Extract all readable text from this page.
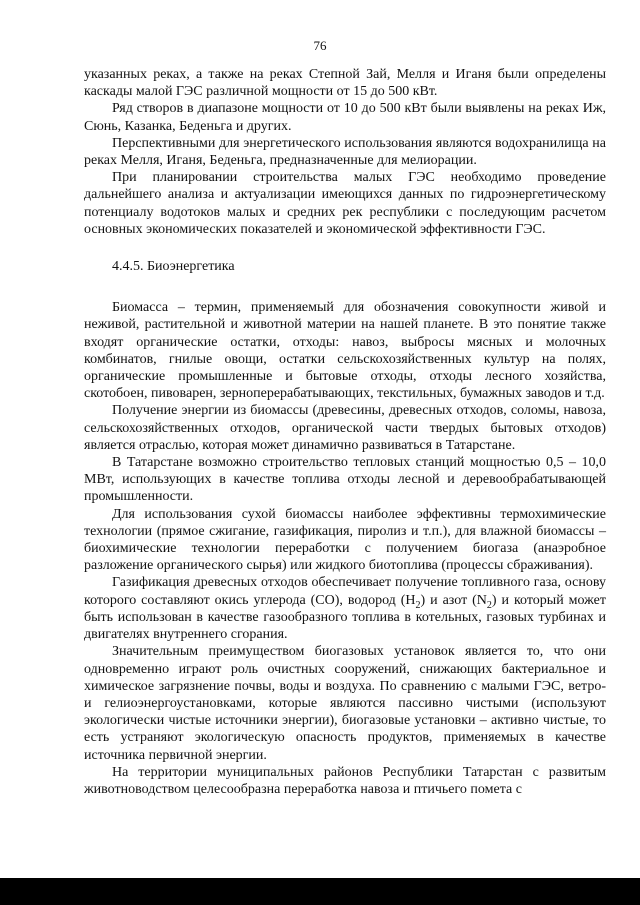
76

указанных реках, а также на реках Степной Зай, Мелля и Иганя были определены каскады малой ГЭС различной мощности от 15 до 500 кВт.

Ряд створов в диапазоне мощности от 10 до 500 кВт были выявлены на реках Иж, Сюнь, Казанка, Беденьга и других.

Перспективными для энергетического использования являются водохранилища на реках Мелля, Иганя, Беденьга, предназначенные для мелиорации.

При планировании строительства малых ГЭС необходимо проведение дальнейшего анализа и актуализации имеющихся данных по гидроэнергетическому потенциалу водотоков малых и средних рек республики с последующим расчетом основных экономических показателей и экономической эффективности ГЭС.

4.4.5. Биоэнергетика

Биомасса – термин, применяемый для обозначения совокупности живой и неживой, растительной и животной материи на нашей планете. В это понятие также входят органические остатки, отходы: навоз, выбросы мясных и молочных комбинатов, гнилые овощи, остатки сельскохозяйственных культур на полях, органические промышленные и бытовые отходы, отходы лесного хозяйства, скотобоен, пивоварен, зерноперерабатывающих, текстильных, бумажных заводов и т.д.

Получение энергии из биомассы (древесины, древесных отходов, соломы, навоза, сельскохозяйственных отходов, органической части твердых бытовых отходов) является отраслью, которая может динамично развиваться в Татарстане.

В Татарстане возможно строительство тепловых станций мощностью 0,5 – 10,0 МВт, использующих в качестве топлива отходы лесной и деревообрабатывающей промышленности.

Для использования сухой биомассы наиболее эффективны термохимические технологии (прямое сжигание, газификация, пиролиз и т.п.), для влажной биомассы – биохимические технологии переработки с получением биогаза (анаэробное разложение органического сырья) или жидкого биотоплива (процессы сбраживания).

Газификация древесных отходов обеспечивает получение топливного газа, основу которого составляют окись углерода (CO), водород $(H_2)$ и азот $(N_2)$ и который может быть использован в качестве газообразного топлива в котельных, газовых турбинах и двигателях внутреннего сгорания.

Значительным преимуществом биогазовых установок является то, что они одновременно играют роль очистных сооружений, снижающих бактериальное и химическое загрязнение почвы, воды и воздуха. По сравнению с малыми ГЭС, ветро- и гелиоэнергоустановками, которые являются пассивно чистыми (используют экологически чистые источники энергии), биогазовые установки – активно чистые, то есть устраняют экологическую опасность продуктов, применяемых в качестве источника первичной энергии.

На территории муниципальных районов Республики Татарстан с развитым животноводством целесообразна переработка навоза и птичьего помета с
